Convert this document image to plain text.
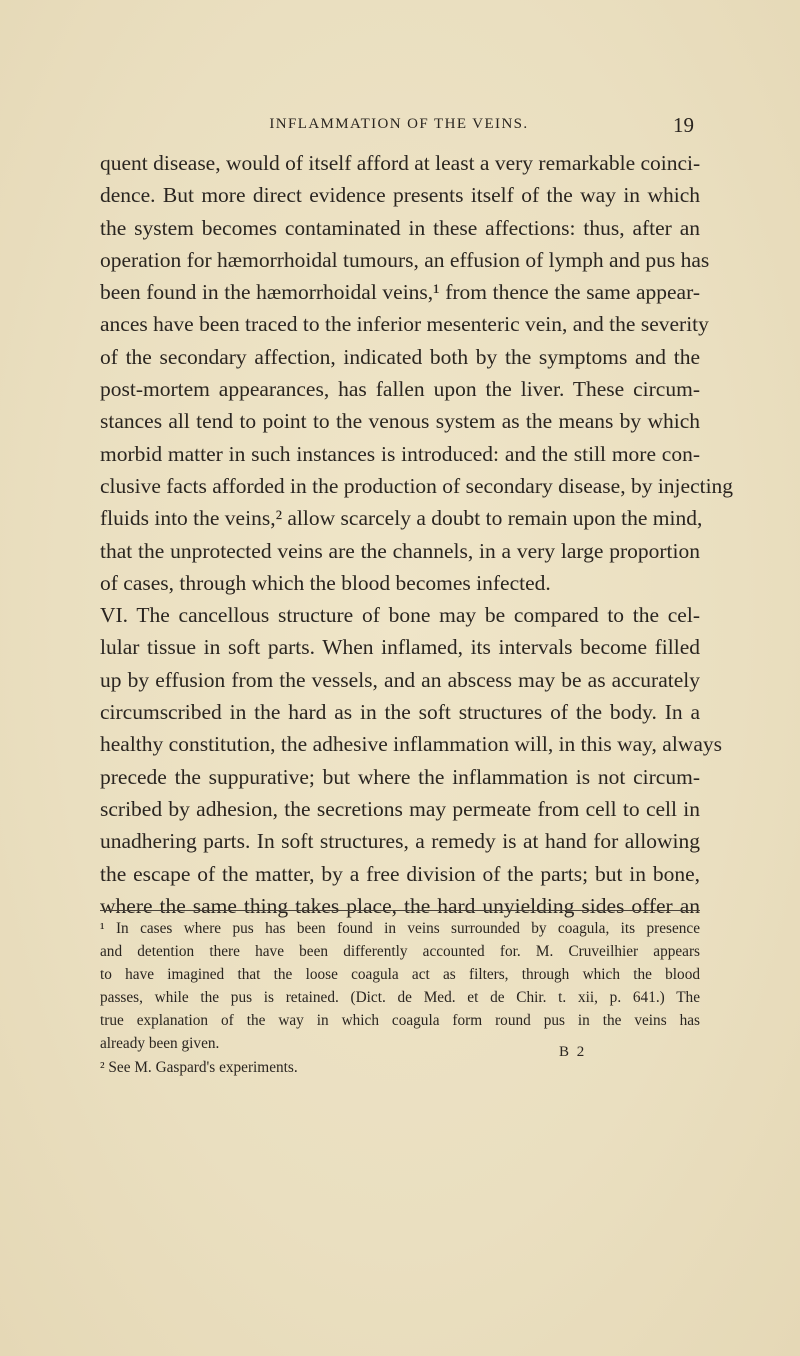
INFLAMMATION OF THE VEINS.	19
quent disease, would of itself afford at least a very remarkable coinci-
dence. But more direct evidence presents itself of the way in which
the system becomes contaminated in these affections: thus, after an
operation for hæmorrhoidal tumours, an effusion of lymph and pus has
been found in the hæmorrhoidal veins,¹ from thence the same appear-
ances have been traced to the inferior mesenteric vein, and the severity
of the secondary affection, indicated both by the symptoms and the
post-mortem appearances, has fallen upon the liver. These circum-
stances all tend to point to the venous system as the means by which
morbid matter in such instances is introduced: and the still more con-
clusive facts afforded in the production of secondary disease, by injecting
fluids into the veins,² allow scarcely a doubt to remain upon the mind,
that the unprotected veins are the channels, in a very large proportion
of cases, through which the blood becomes infected.
VI. The cancellous structure of bone may be compared to the cel-
lular tissue in soft parts. When inflamed, its intervals become filled
up by effusion from the vessels, and an abscess may be as accurately
circumscribed in the hard as in the soft structures of the body. In a
healthy constitution, the adhesive inflammation will, in this way, always
precede the suppurative; but where the inflammation is not circum-
scribed by adhesion, the secretions may permeate from cell to cell in
unadhering parts. In soft structures, a remedy is at hand for allowing
the escape of the matter, by a free division of the parts; but in bone,
where the same thing takes place, the hard unyielding sides offer an
¹ In cases where pus has been found in veins surrounded by coagula, its presence
and detention there have been differently accounted for. M. Cruveilhier appears
to have imagined that the loose coagula act as filters, through which the blood
passes, while the pus is retained. (Dict. de Med. et de Chir. t. xii, p. 641.) The
true explanation of the way in which coagula form round pus in the veins has
already been given.
² See M. Gaspard's experiments.
B 2
